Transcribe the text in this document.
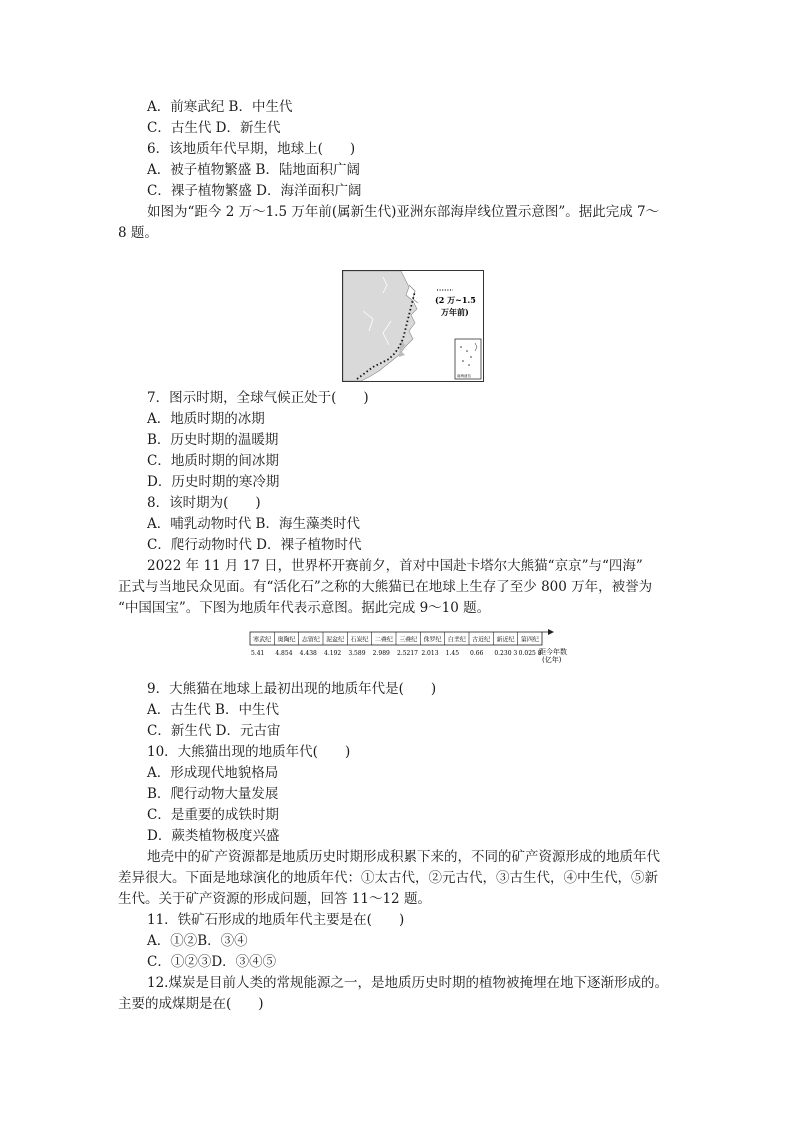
A．前寒武纪 B．中生代
C．古生代 D．新生代
6．该地质年代早期，地球上(　　)
A．被子植物繁盛 B．陆地面积广阔
C．裸子植物繁盛 D．海洋面积广阔
如图为“距今 2 万～1.5 万年前(属新生代)亚洲东部海岸线位置示意图”。据此完成 7～
8 题。
(2 万~1.5
万年前)
南海诸岛
7．图示时期，全球气候正处于(　　)
A．地质时期的冰期
B．历史时期的温暖期
C．地质时期的间冰期
D．历史时期的寒冷期
8．该时期为(　　)
A．哺乳动物时代 B．海生藻类时代
C．爬行动物时代 D．裸子植物时代
2022 年 11 月 17 日，世界杯开赛前夕，首对中国赴卡塔尔大熊猫“京京”与“四海”
正式与当地民众见面。有“活化石”之称的大熊猫已在地球上生存了至少 800 万年，被誉为
“中国国宝”。下图为地质年代表示意图。据此完成 9～10 题。
寒武纪 奥陶纪 志留纪 泥盆纪 石炭纪 二叠纪 三叠纪 侏罗纪 白垩纪 古近纪 新近纪 第四纪
5.41 4.854 4.438 4.192 3.589 2.989 2.5217 2.013 1.45 0.66 0.230 3 0.025 8
距今年数
(亿年)
9．大熊猫在地球上最初出现的地质年代是(　　)
A．古生代 B．中生代
C．新生代 D．元古宙
10．大熊猫出现的地质年代(　　)
A．形成现代地貌格局
B．爬行动物大量发展
C．是重要的成铁时期
D．蕨类植物极度兴盛
地壳中的矿产资源都是地质历史时期形成积累下来的，不同的矿产资源形成的地质年代
差异很大。下面是地球演化的地质年代：①太古代，②元古代，③古生代，④中生代，⑤新
生代。关于矿产资源的形成问题，回答 11～12 题。
11．铁矿石形成的地质年代主要是在(　　)
A．①②B．③④
C．①②③D．③④⑤
12.煤炭是目前人类的常规能源之一，是地质历史时期的植物被掩埋在地下逐渐形成的。
主要的成煤期是在(　　)
